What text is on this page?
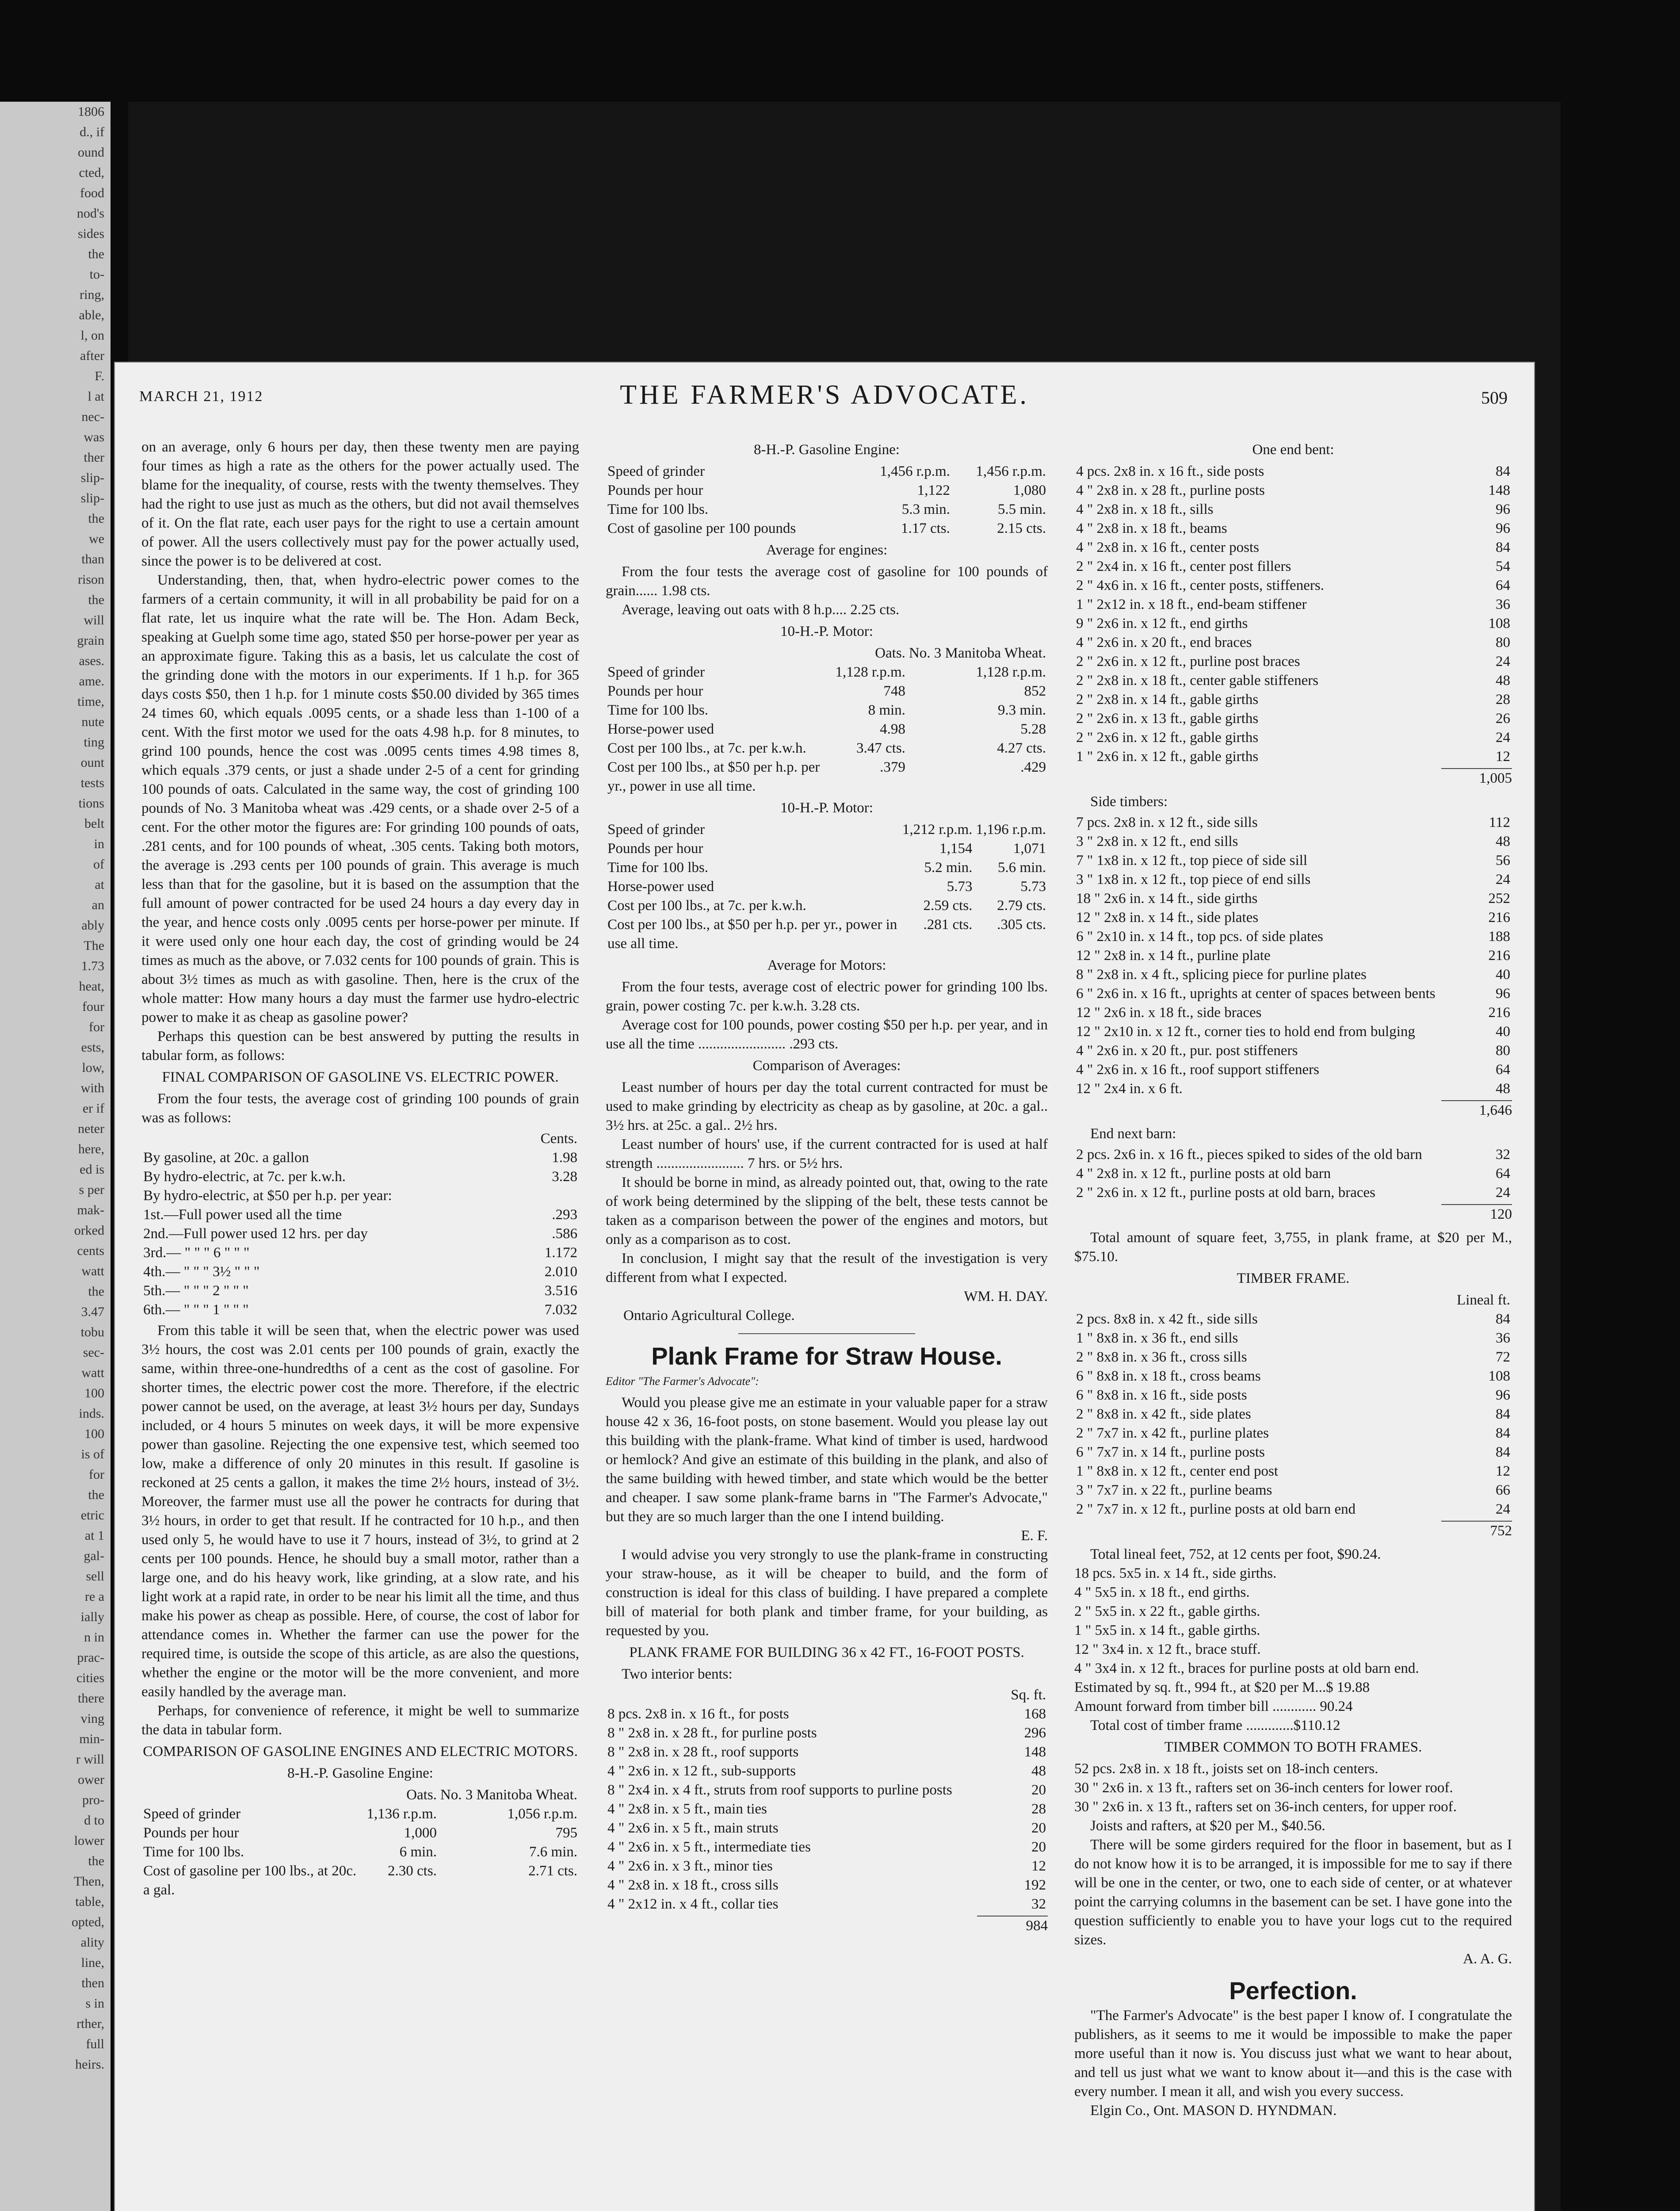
1806
d., if
ound
cted,
food
nod's
sides
the
to-
ring,
able,
l, on
after
F.
l at
nec-
was
ther
slip-
slip-
the
we
than
rison
the
will
grain
ases.
ame.
time,
nute
ting
ount
tests
tions
belt
in
of
at
an
ably
The
1.73
heat,
four
for
ests,
low,
with
er if
neter
here,
ed is
s per
mak-
orked
cents
watt
the
3.47
tobu
sec-
watt
100
inds.
100
is of
for
the
etric
at 1
gal-
sell
re a
ially
n in
prac-
cities
there
ving
min-
r will
ower
pro-
d to
lower
the
Then,
table,
opted,
ality
line,
then
s in
rther,
full
heirs.
MARCH 21, 1912	THE FARMER'S ADVOCATE.	509

on an average, only 6 hours per day, then these twenty men are paying four times as high a rate as the others for the power actually used. The blame for the inequality, of course, rests with the twenty themselves. They had the right to use just as much as the others, but did not avail themselves of it. On the flat rate, each user pays for the right to use a certain amount of power. All the users collectively must pay for the power actually used, since the power is to be delivered at cost.

Understanding, then, that, when hydro-electric power comes to the farmers of a certain community, it will in all probability be paid for on a flat rate, let us inquire what the rate will be. The Hon. Adam Beck, speaking at Guelph some time ago, stated $50 per horse-power per year as an approximate figure. Taking this as a basis, let us calculate the cost of the grinding done with the motors in our experiments. If 1 h.p. for 365 days costs $50, then 1 h.p. for 1 minute costs $50.00 divided by 365 times 24 times 60, which equals .0095 cents, or a shade less than 1-100 of a cent. With the first motor we used for the oats 4.98 h.p. for 8 minutes, to grind 100 pounds, hence the cost was .0095 cents times 4.98 times 8, which equals .379 cents, or just a shade under 2-5 of a cent for grinding 100 pounds of oats. Calculated in the same way, the cost of grinding 100 pounds of No. 3 Manitoba wheat was .429 cents, or a shade over 2-5 of a cent. For the other motor the figures are: For grinding 100 pounds of oats, .281 cents, and for 100 pounds of wheat, .305 cents. Taking both motors, the average is .293 cents per 100 pounds of grain. This average is much less than that for the gasoline, but it is based on the assumption that the full amount of power contracted for be used 24 hours a day every day in the year, and hence costs only .0095 cents per horse-power per minute. If it were used only one hour each day, the cost of grinding would be 24 times as much as the above, or 7.032 cents for 100 pounds of grain. This is about 3½ times as much as with gasoline. Then, here is the crux of the whole matter: How many hours a day must the farmer use hydro-electric power to make it as cheap as gasoline power?

Perhaps this question can be best answered by putting the results in tabular form, as follows:

FINAL COMPARISON OF GASOLINE VS. ELECTRIC POWER.

From the four tests, the average cost of grinding 100 pounds of grain was as follows:

	Cents.
By gasoline, at 20c. a gallon	1.98
By hydro-electric, at 7c. per k.w.h.	3.28
By hydro-electric, at $50 per h.p. per year:	
1st.—Full power used all the time	.293
2nd.—Full power used 12 hrs. per day	.586
3rd.— " " " 6 " " "	1.172
4th.— " " " 3½ " " "	2.010
5th.— " " " 2 " " "	3.516
6th.— " " " 1 " " "	7.032

From this table it will be seen that, when the electric power was used 3½ hours, the cost was 2.01 cents per 100 pounds of grain, exactly the same, within three-one-hundredths of a cent as the cost of gasoline. For shorter times, the electric power cost the more. Therefore, if the electric power cannot be used, on the average, at least 3½ hours per day, Sundays included, or 4 hours 5 minutes on week days, it will be more expensive power than gasoline. Rejecting the one expensive test, which seemed too low, make a difference of only 20 minutes in this result. If gasoline is reckoned at 25 cents a gallon, it makes the time 2½ hours, instead of 3½. Moreover, the farmer must use all the power he contracts for during that 3½ hours, in order to get that result. If he contracted for 10 h.p., and then used only 5, he would have to use it 7 hours, instead of 3½, to grind at 2 cents per 100 pounds. Hence, he should buy a small motor, rather than a large one, and do his heavy work, like grinding, at a slow rate, and his light work at a rapid rate, in order to be near his limit all the time, and thus make his power as cheap as possible. Here, of course, the cost of labor for attendance comes in. Whether the farmer can use the power for the required time, is outside the scope of this article, as are also the questions, whether the engine or the motor will be the more convenient, and more easily handled by the average man.

Perhaps, for convenience of reference, it might be well to summarize the data in tabular form.

COMPARISON OF GASOLINE ENGINES AND ELECTRIC MOTORS.

8-H.-P. Gasoline Engine:

	Oats.	No. 3 Manitoba Wheat.
Speed of grinder	1,136 r.p.m.	1,056 r.p.m.
Pounds per hour	1,000	795
Time for 100 lbs.	6 min.	7.6 min.
Cost of gasoline per 100 lbs., at 20c. a gal.	2.30 cts.	2.71 cts.

8-H.-P. Gasoline Engine:

Speed of grinder	1,456 r.p.m.	1,456 r.p.m.
Pounds per hour	1,122	1,080
Time for 100 lbs.	5.3 min.	5.5 min.
Cost of gasoline per 100 pounds	1.17 cts.	2.15 cts.

Average for engines:

From the four tests the average cost of gasoline for 100 pounds of grain...... 1.98 cts.

Average, leaving out oats with 8 h.p.... 2.25 cts.

10-H.-P. Motor:

	Oats.	No. 3 Manitoba Wheat.
Speed of grinder	1,128 r.p.m.	1,128 r.p.m.
Pounds per hour	748	852
Time for 100 lbs.	8 min.	9.3 min.
Horse-power used	4.98	5.28
Cost per 100 lbs., at 7c. per k.w.h.	3.47 cts.	4.27 cts.
Cost per 100 lbs., at $50 per h.p. per yr., power in use all time.	.379	.429

10-H.-P. Motor:

Speed of grinder	1,212 r.p.m.	1,196 r.p.m.
Pounds per hour	1,154	1,071
Time for 100 lbs.	5.2 min.	5.6 min.
Horse-power used	5.73	5.73
Cost per 100 lbs., at 7c. per k.w.h.	2.59 cts.	2.79 cts.
Cost per 100 lbs., at $50 per h.p. per yr., power in use all time.	.281 cts.	.305 cts.

Average for Motors:

From the four tests, average cost of electric power for grinding 100 lbs. grain, power costing 7c. per k.w.h. 3.28 cts.

Average cost for 100 pounds, power costing $50 per h.p. per year, and in use all the time ........................ .293 cts.

Comparison of Averages:

Least number of hours per day the total current contracted for must be used to make grinding by electricity as cheap as by gasoline, at 20c. a gal.. 3½ hrs. at 25c. a gal.. 2½ hrs.

Least number of hours' use, if the current contracted for is used at half strength ........................ 7 hrs. or 5½ hrs.

It should be borne in mind, as already pointed out, that, owing to the rate of work being determined by the slipping of the belt, these tests cannot be taken as a comparison between the power of the engines and motors, but only as a comparison as to cost.

In conclusion, I might say that the result of the investigation is very different from what I expected.

WM. H. DAY.

Ontario Agricultural College.

Plank Frame for Straw House.

Editor "The Farmer's Advocate":

Would you please give me an estimate in your valuable paper for a straw house 42 x 36, 16-foot posts, on stone basement. Would you please lay out this building with the plank-frame. What kind of timber is used, hardwood or hemlock? And give an estimate of this building in the plank, and also of the same building with hewed timber, and state which would be the better and cheaper. I saw some plank-frame barns in "The Farmer's Advocate," but they are so much larger than the one I intend building.

E. F.

I would advise you very strongly to use the plank-frame in constructing your straw-house, as it will be cheaper to build, and the form of construction is ideal for this class of building. I have prepared a complete bill of material for both plank and timber frame, for your building, as requested by you.

PLANK FRAME FOR BUILDING 36 x 42 FT., 16-FOOT POSTS.

Two interior bents:

	Sq. ft.
8 pcs. 2x8 in. x 16 ft., for posts	168
8 " 2x8 in. x 28 ft., for purline posts	296
8 " 2x8 in. x 28 ft., roof supports	148
4 " 2x6 in. x 12 ft., sub-supports	48
8 " 2x4 in. x 4 ft., struts from roof supports to purline posts	20
4 " 2x8 in. x 5 ft., main ties	28
4 " 2x6 in. x 5 ft., main struts	20
4 " 2x6 in. x 5 ft., intermediate ties	20
4 " 2x6 in. x 3 ft., minor ties	12
4 " 2x8 in. x 18 ft., cross sills	192
4 " 2x12 in. x 4 ft., collar ties	32
984

One end bent:

4 pcs. 2x8 in. x 16 ft., side posts	84
4 " 2x8 in. x 28 ft., purline posts	148
4 " 2x8 in. x 18 ft., sills	96
4 " 2x8 in. x 18 ft., beams	96
4 " 2x8 in. x 16 ft., center posts	84
2 " 2x4 in. x 16 ft., center post fillers	54
2 " 4x6 in. x 16 ft., center posts, stiffeners.	64
1 " 2x12 in. x 18 ft., end-beam stiffener	36
9 " 2x6 in. x 12 ft., end girths	108
4 " 2x6 in. x 20 ft., end braces	80
2 " 2x6 in. x 12 ft., purline post braces	24
2 " 2x8 in. x 18 ft., center gable stiffeners	48
2 " 2x8 in. x 14 ft., gable girths	28
2 " 2x6 in. x 13 ft., gable girths	26
2 " 2x6 in. x 12 ft., gable girths	24
1 " 2x6 in. x 12 ft., gable girths	12
1,005

Side timbers:

7 pcs. 2x8 in. x 12 ft., side sills	112
3 " 2x8 in. x 12 ft., end sills	48
7 " 1x8 in. x 12 ft., top piece of side sill	56
3 " 1x8 in. x 12 ft., top piece of end sills	24
18 " 2x6 in. x 14 ft., side girths	252
12 " 2x8 in. x 14 ft., side plates	216
6 " 2x10 in. x 14 ft., top pcs. of side plates	188
12 " 2x8 in. x 14 ft., purline plate	216
8 " 2x8 in. x 4 ft., splicing piece for purline plates	40
6 " 2x6 in. x 16 ft., uprights at center of spaces between bents	96
12 " 2x6 in. x 18 ft., side braces	216
12 " 2x10 in. x 12 ft., corner ties to hold end from bulging	40
4 " 2x6 in. x 20 ft., pur. post stiffeners	80
4 " 2x6 in. x 16 ft., roof support stiffeners	64
12 " 2x4 in. x 6 ft.	48
1,646

End next barn:

2 pcs. 2x6 in. x 16 ft., pieces spiked to sides of the old barn	32
4 " 2x8 in. x 12 ft., purline posts at old barn	64
2 " 2x6 in. x 12 ft., purline posts at old barn, braces	24
120

Total amount of square feet, 3,755, in plank frame, at $20 per M., $75.10.

TIMBER FRAME.

	Lineal ft.
2 pcs. 8x8 in. x 42 ft., side sills	84
1 " 8x8 in. x 36 ft., end sills	36
2 " 8x8 in. x 36 ft., cross sills	72
6 " 8x8 in. x 18 ft., cross beams	108
6 " 8x8 in. x 16 ft., side posts	96
2 " 8x8 in. x 42 ft., side plates	84
2 " 7x7 in. x 42 ft., purline plates	84
6 " 7x7 in. x 14 ft., purline posts	84
1 " 8x8 in. x 12 ft., center end post	12
3 " 7x7 in. x 22 ft., purline beams	66
2 " 7x7 in. x 12 ft., purline posts at old barn end	24
752

Total lineal feet, 752, at 12 cents per foot, $90.24.

18 pcs. 5x5 in. x 14 ft., side girths.
4 " 5x5 in. x 18 ft., end girths.
2 " 5x5 in. x 22 ft., gable girths.
1 " 5x5 in. x 14 ft., gable girths.
12 " 3x4 in. x 12 ft., brace stuff.
4 " 3x4 in. x 12 ft., braces for purline posts at old barn end.

Estimated by sq. ft., 994 ft., at $20 per M...$ 19.88

Amount forward from timber bill ............ 90.24

Total cost of timber frame .............$110.12

TIMBER COMMON TO BOTH FRAMES.

52 pcs. 2x8 in. x 18 ft., joists set on 18-inch centers.
30 " 2x6 in. x 13 ft., rafters set on 36-inch centers for lower roof.
30 " 2x6 in. x 13 ft., rafters set on 36-inch centers, for upper roof.

Joists and rafters, at $20 per M., $40.56.

There will be some girders required for the floor in basement, but as I do not know how it is to be arranged, it is impossible for me to say if there will be one in the center, or two, one to each side of center, or at whatever point the carrying columns in the basement can be set. I have gone into the question sufficiently to enable you to have your logs cut to the required sizes.

A. A. G.

Perfection.

"The Farmer's Advocate" is the best paper I know of. I congratulate the publishers, as it seems to me it would be impossible to make the paper more useful than it now is. You discuss just what we want to hear about, and tell us just what we want to know about it—and this is the case with every number. I mean it all, and wish you every success.

Elgin Co., Ont. MASON D. HYNDMAN.
